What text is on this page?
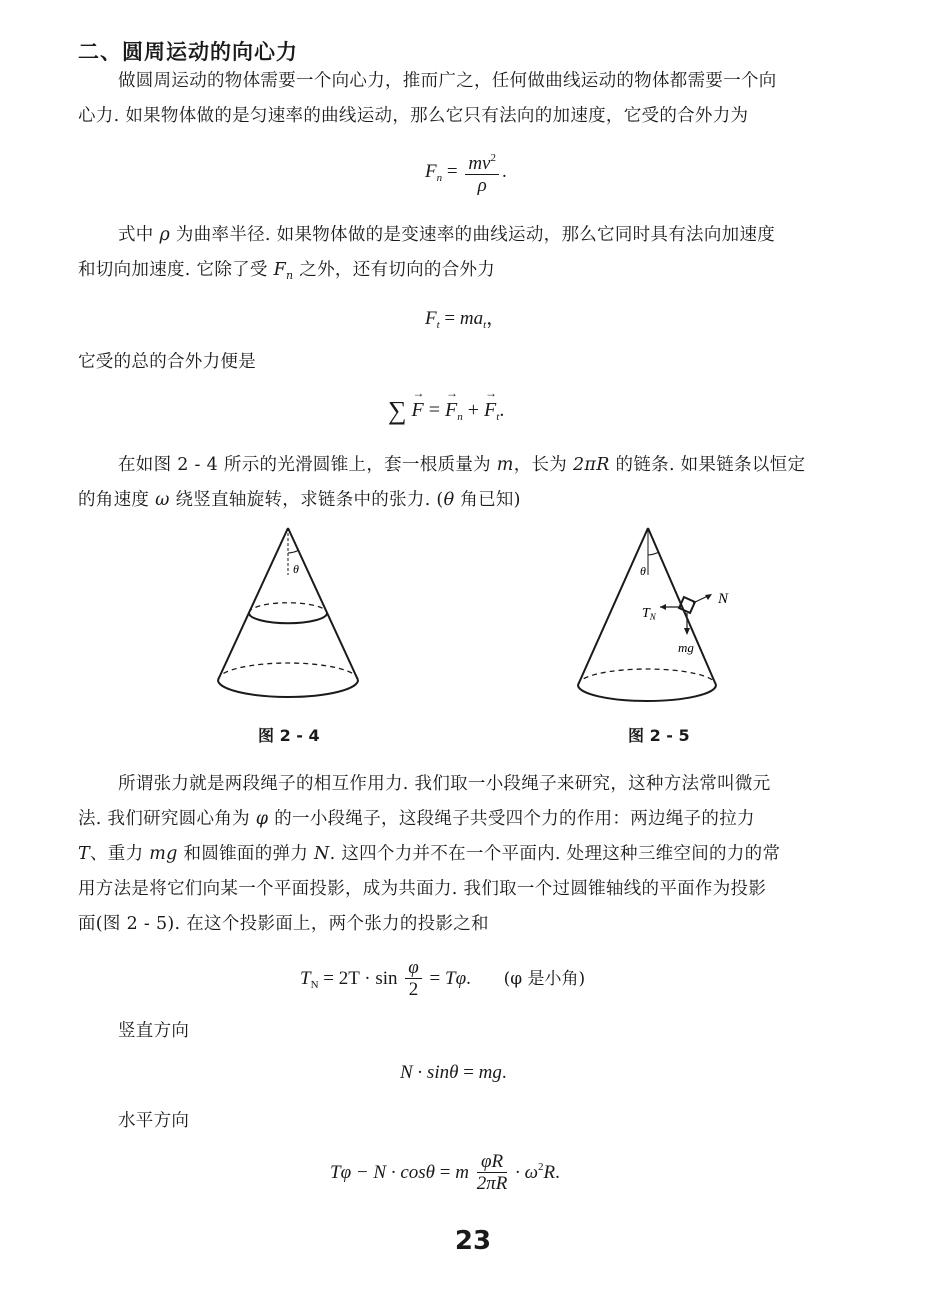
二、圆周运动的向心力
做圆周运动的物体需要一个向心力，推而广之，任何做曲线运动的物体都需要一个向
心力. 如果物体做的是匀速率的曲线运动，那么它只有法向的加速度，它受的合外力为
$F_n = \frac{mv^2}{\rho}$ .
式中 ρ 为曲率半径. 如果物体做的是变速率的曲线运动，那么它同时具有法向加速度
和切向加速度. 它除了受 $F_n$ 之外，还有切向的合外力
$F_t = ma_t$，
它受的总的合外力便是
∑ → F = → $F_n$ + → $F_t$.
在如图 2 - 4 所示的光滑圆锥上，套一根质量为 m，长为 2πR 的链条. 如果链条以恒定
的角速度 ω 绕竖直轴旋转，求链条中的张力. (θ 角已知)
θ
图 2 - 4
θ
$T_N$
N
mg
图 2 - 5
所谓张力就是两段绳子的相互作用力. 我们取一小段绳子来研究，这种方法常叫微元
法. 我们研究圆心角为 φ 的一小段绳子，这段绳子共受四个力的作用：两边绳子的拉力
T、重力 mg 和圆锥面的弹力 N. 这四个力并不在一个平面内. 处理这种三维空间的力的常
用方法是将它们向某一个平面投影，成为共面力. 我们取一个过圆锥轴线的平面作为投影
面(图 2 - 5). 在这个投影面上，两个张力的投影之和
$T_N = 2T \cdot \sin \frac{\varphi}{2} = T\varphi$. (φ 是小角)
竖直方向
N · sinθ = mg.
水平方向
Tφ − N · cosθ = m $\frac{\varphi R}{2\pi R} \cdot \omega^2R$.
23
